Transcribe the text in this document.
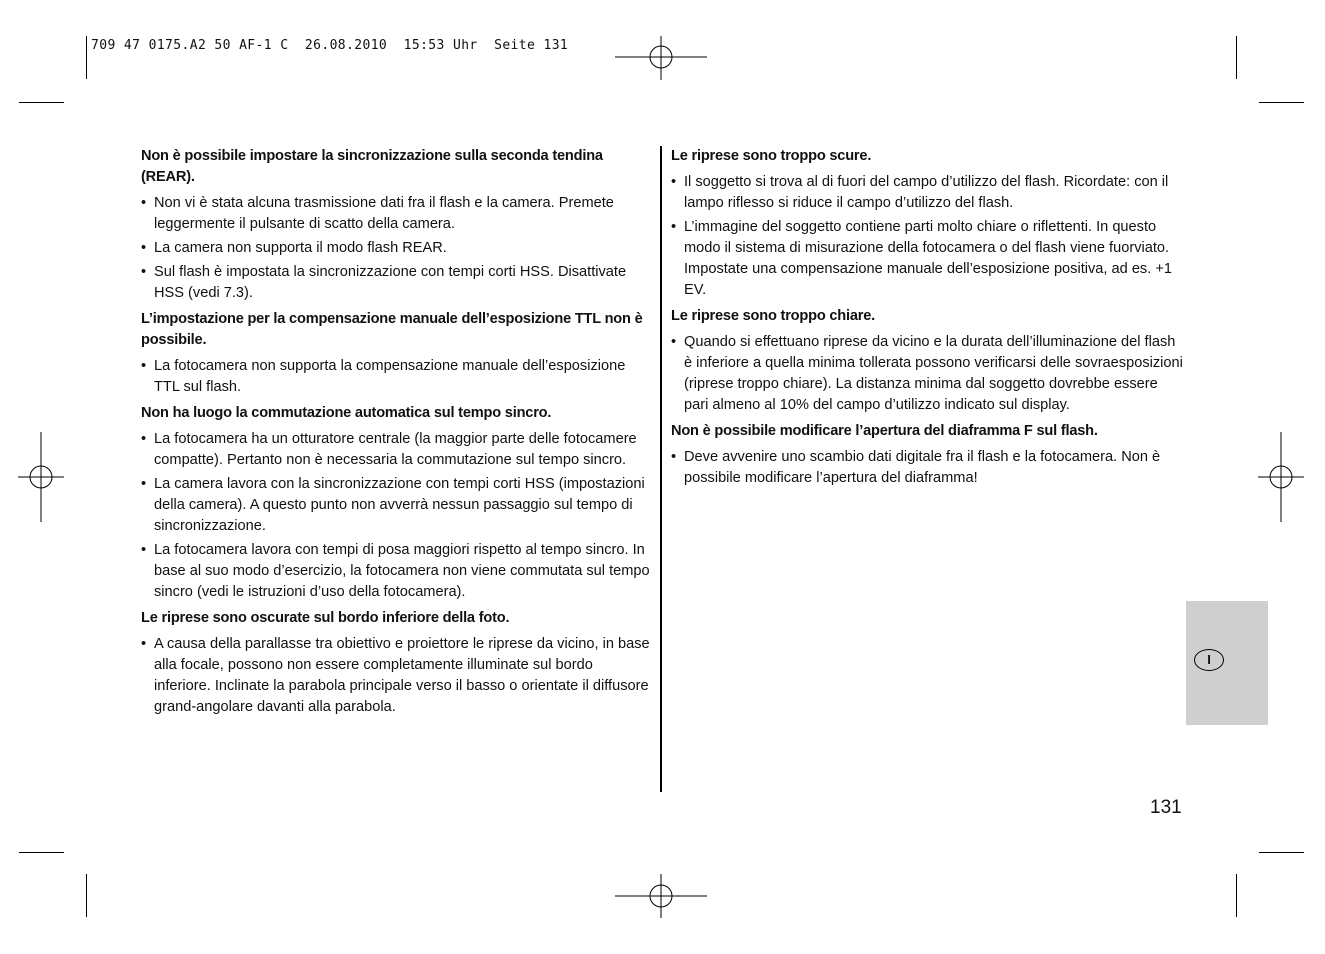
709 47 0175.A2 50 AF-1 C  26.08.2010  15:53 Uhr  Seite 131

Non è possibile impostare la sincronizzazione sulla seconda tendina (REAR).

• Non vi è stata alcuna trasmissione dati fra il flash e la camera. Premete leggermente il pulsante di scatto della camera.
• La camera non supporta il modo flash REAR.
• Sul flash è impostata la sincronizzazione con tempi corti HSS. Disattivate HSS (vedi 7.3).

L’impostazione per la compensazione manuale dell’esposizione TTL non è possibile.

• La fotocamera non supporta la compensazione manuale dell’esposizione TTL sul flash.

Non ha luogo la commutazione automatica sul tempo sincro.

• La fotocamera ha un otturatore centrale (la maggior parte delle fotocamere compatte). Pertanto non è necessaria la commutazione sul tempo sincro.
• La camera lavora con la sincronizzazione con tempi corti HSS (impostazioni della camera). A questo punto non avverrà nessun passaggio sul tempo di sincronizzazione.
• La fotocamera lavora con tempi di posa maggiori rispetto al tempo sincro. In base al suo modo d’esercizio, la fotocamera non viene commutata sul tempo sincro (vedi le istruzioni d’uso della fotocamera).

Le riprese sono oscurate sul bordo inferiore della foto.

• A causa della parallasse tra obiettivo e proiettore le riprese da vicino, in base alla focale, possono non essere completamente illuminate sul bordo inferiore. Inclinate la parabola principale verso il basso o orientate il diffusore grand-angolare davanti alla parabola.

Le riprese sono troppo scure.

• Il soggetto si trova al di fuori del campo d’utilizzo del flash. Ricordate: con il lampo riflesso si riduce il campo d’utilizzo del flash.
• L’immagine del soggetto contiene parti molto chiare o riflettenti. In questo modo il sistema di misurazione della fotocamera o del flash viene fuorviato. Impostate una compensazione manuale dell’esposizione positiva, ad es. +1 EV.

Le riprese sono troppo chiare.

• Quando si effettuano riprese da vicino e la durata dell’illuminazione del flash è inferiore a quella minima tollerata possono verificarsi delle sovraesposizioni (riprese troppo chiare). La distanza minima dal soggetto dovrebbe essere pari almeno al 10% del campo d’utilizzo indicato sul display.

Non è possibile modificare l’apertura del diaframma F sul flash.

• Deve avvenire uno scambio dati digitale fra il flash e la fotocamera. Non è possibile modificare l’apertura del diaframma!
I
131
